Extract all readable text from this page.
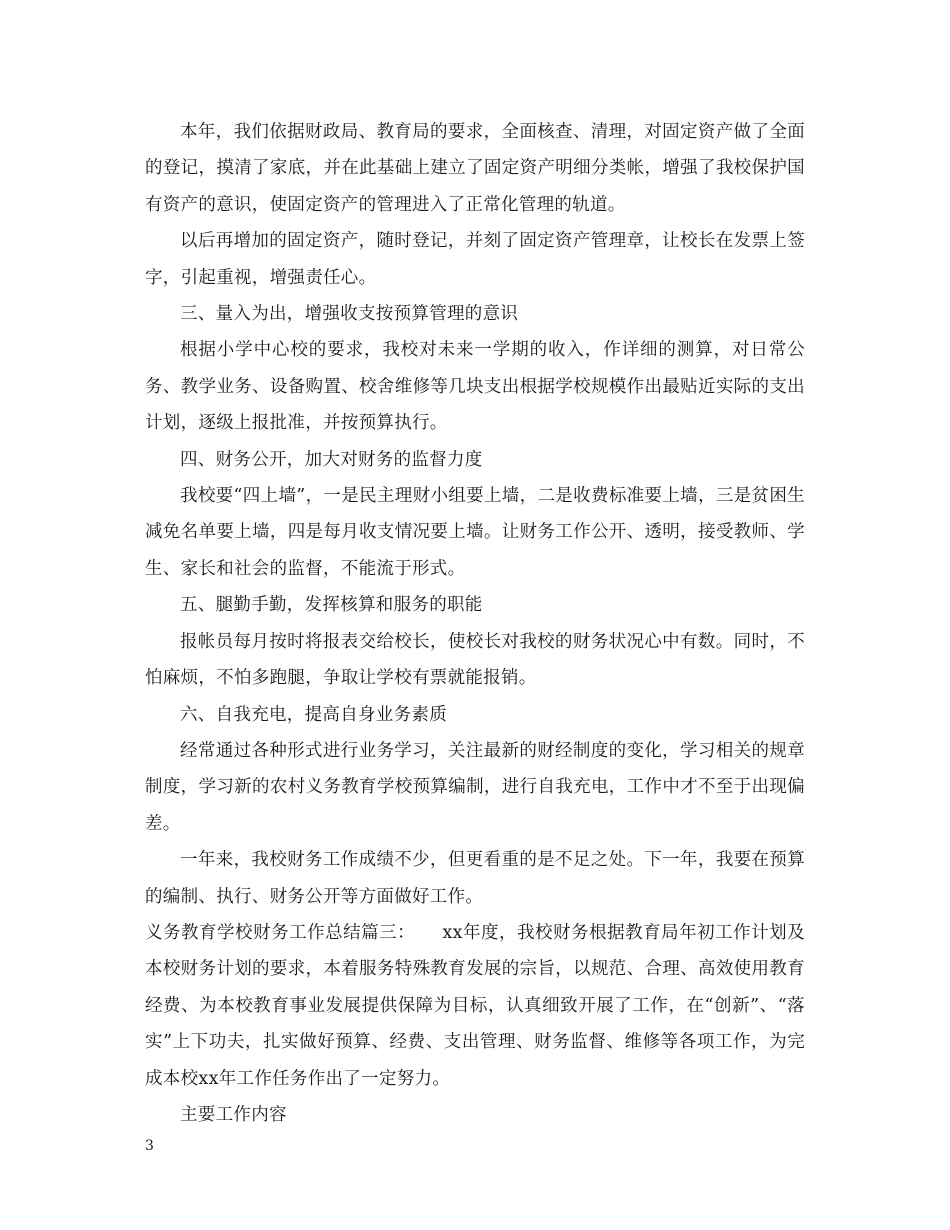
本年，我们依据财政局、教育局的要求，全面核查、清理，对固定资产做了全面的登记，摸清了家底，并在此基础上建立了固定资产明细分类帐，增强了我校保护国有资产的意识，使固定资产的管理进入了正常化管理的轨道。

以后再增加的固定资产，随时登记，并刻了固定资产管理章，让校长在发票上签字，引起重视，增强责任心。

三、量入为出，增强收支按预算管理的意识

根据小学中心校的要求，我校对未来一学期的收入，作详细的测算，对日常公务、教学业务、设备购置、校舍维修等几块支出根据学校规模作出最贴近实际的支出计划，逐级上报批准，并按预算执行。

四、财务公开，加大对财务的监督力度

我校要“四上墙”，一是民主理财小组要上墙，二是收费标准要上墙，三是贫困生减免名单要上墙，四是每月收支情况要上墙。让财务工作公开、透明，接受教师、学生、家长和社会的监督，不能流于形式。

五、腿勤手勤，发挥核算和服务的职能

报帐员每月按时将报表交给校长，使校长对我校的财务状况心中有数。同时，不怕麻烦，不怕多跑腿，争取让学校有票就能报销。

六、自我充电，提高自身业务素质

经常通过各种形式进行业务学习，关注最新的财经制度的变化，学习相关的规章制度，学习新的农村义务教育学校预算编制，进行自我充电，工作中才不至于出现偏差。

一年来，我校财务工作成绩不少，但更看重的是不足之处。下一年，我要在预算的编制、执行、财务公开等方面做好工作。

义务教育学校财务工作总结篇三：　　xx年度，我校财务根据教育局年初工作计划及本校财务计划的要求，本着服务特殊教育发展的宗旨，以规范、合理、高效使用教育经费、为本校教育事业发展提供保障为目标，认真细致开展了工作，在“创新”、“落实”上下功夫，扎实做好预算、经费、支出管理、财务监督、维修等各项工作，为完成本校xx年工作任务作出了一定努力。

主要工作内容

3
